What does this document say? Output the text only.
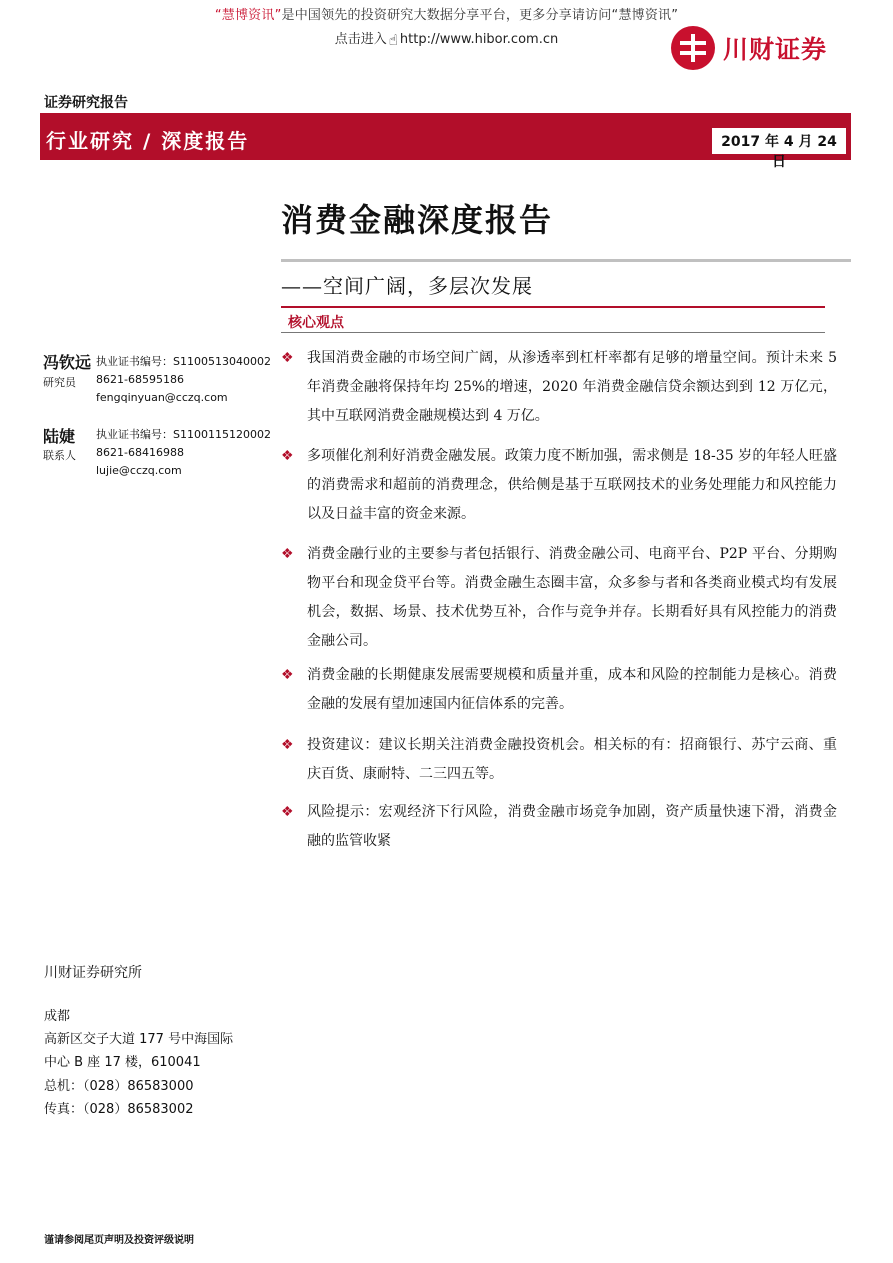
“慧博资讯”是中国领先的投资研究大数据分享平台，更多分享请访问“慧博资讯”
点击进入 ☝ http://www.hibor.com.cn	川财证券
证券研究报告
行业研究 / 深度报告	2017 年 4 月 24 日
消费金融深度报告
——空间广阔，多层次发展
核心观点
冯钦远 执业证书编号：S1100513040002
研究员 8621-68595186
fengqinyuan@cczq.com
陆婕 执业证书编号：S1100115120002
联系人 8621-68416988
lujie@cczq.com
❖ 我国消费金融的市场空间广阔，从渗透率到杠杆率都有足够的增量空间。预计未来 5 年消费金融将保持年均 25%的增速，2020 年消费金融信贷余额达到到 12 万亿元，其中互联网消费金融规模达到 4 万亿。
❖ 多项催化剂利好消费金融发展。政策力度不断加强，需求侧是 18-35 岁的年轻人旺盛的消费需求和超前的消费理念，供给侧是基于互联网技术的业务处理能力和风控能力以及日益丰富的资金来源。
❖ 消费金融行业的主要参与者包括银行、消费金融公司、电商平台、P2P 平台、分期购物平台和现金贷平台等。消费金融生态圈丰富，众多参与者和各类商业模式均有发展机会，数据、场景、技术优势互补，合作与竞争并存。长期看好具有风控能力的消费金融公司。
❖ 消费金融的长期健康发展需要规模和质量并重，成本和风险的控制能力是核心。消费金融的发展有望加速国内征信体系的完善。
❖ 投资建议：建议长期关注消费金融投资机会。相关标的有：招商银行、苏宁云商、重庆百货、康耐特、二三四五等。
❖ 风险提示：宏观经济下行风险，消费金融市场竞争加剧，资产质量快速下滑，消费金融的监管收紧
川财证券研究所
成都
高新区交子大道 177 号中海国际
中心 B 座 17 楼，610041
总机：（028）86583000
传真：（028）86583002
谨请参阅尾页声明及投资评级说明
